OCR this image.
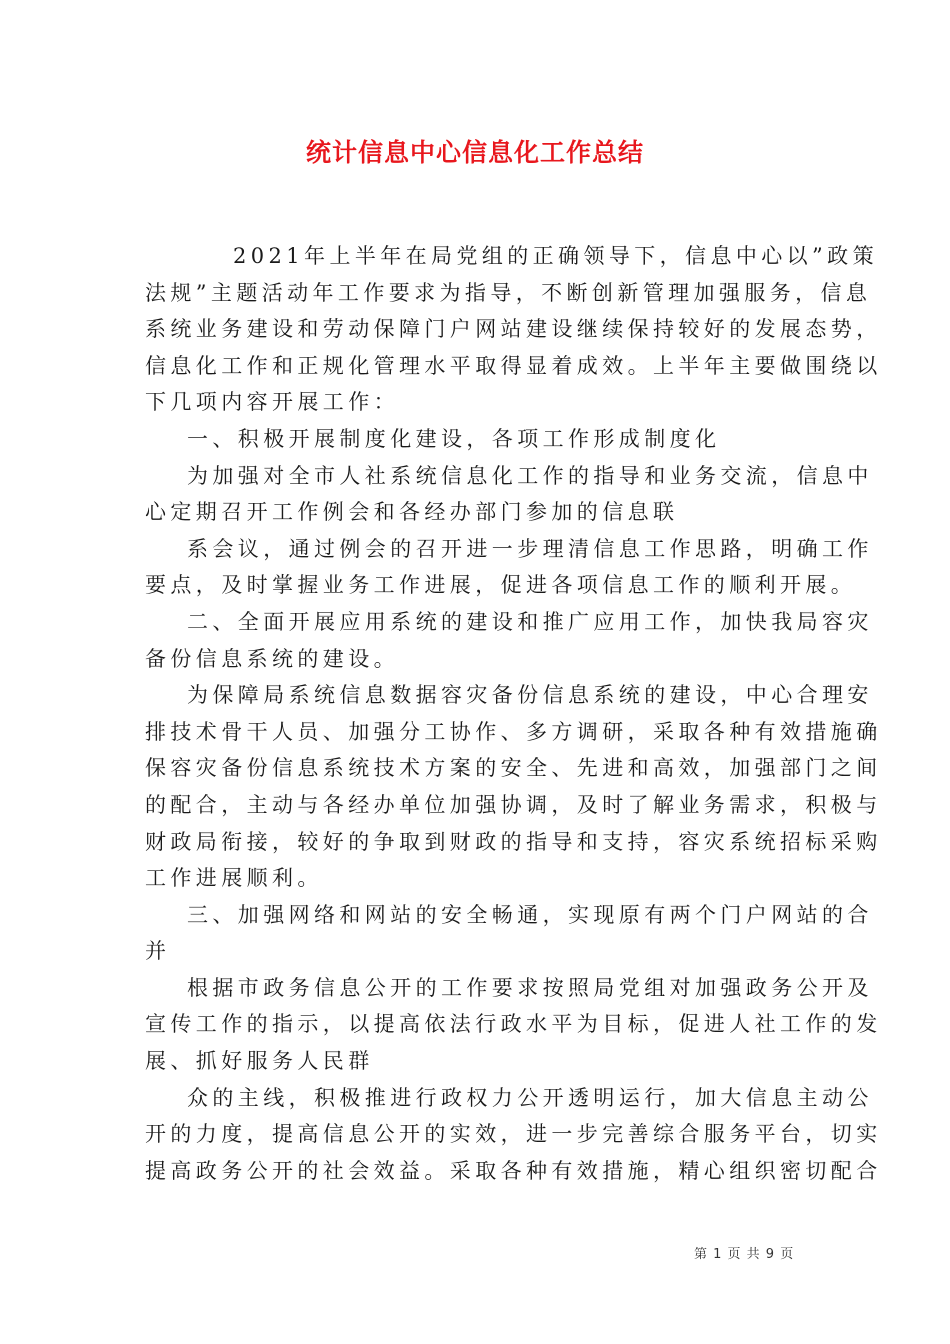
统计信息中心信息化工作总结
2021年上半年在局党组的正确领导下，信息中心以”政策
法规”主题活动年工作要求为指导，不断创新管理加强服务，信息
系统业务建设和劳动保障门户网站建设继续保持较好的发展态势，
信息化工作和正规化管理水平取得显着成效。上半年主要做围绕以
下几项内容开展工作：
一、积极开展制度化建设，各项工作形成制度化
为加强对全市人社系统信息化工作的指导和业务交流，信息中
心定期召开工作例会和各经办部门参加的信息联
系会议，通过例会的召开进一步理清信息工作思路，明确工作
要点，及时掌握业务工作进展，促进各项信息工作的顺利开展。
二、全面开展应用系统的建设和推广应用工作，加快我局容灾
备份信息系统的建设。
为保障局系统信息数据容灾备份信息系统的建设，中心合理安
排技术骨干人员、加强分工协作、多方调研，采取各种有效措施确
保容灾备份信息系统技术方案的安全、先进和高效，加强部门之间
的配合，主动与各经办单位加强协调，及时了解业务需求，积极与
财政局衔接，较好的争取到财政的指导和支持，容灾系统招标采购
工作进展顺利。
三、加强网络和网站的安全畅通，实现原有两个门户网站的合
并
根据市政务信息公开的工作要求按照局党组对加强政务公开及
宣传工作的指示，以提高依法行政水平为目标，促进人社工作的发
展、抓好服务人民群
众的主线，积极推进行政权力公开透明运行，加大信息主动公
开的力度，提高信息公开的实效，进一步完善综合服务平台，切实
提高政务公开的社会效益。采取各种有效措施，精心组织密切配合
第 1 页 共 9 页
